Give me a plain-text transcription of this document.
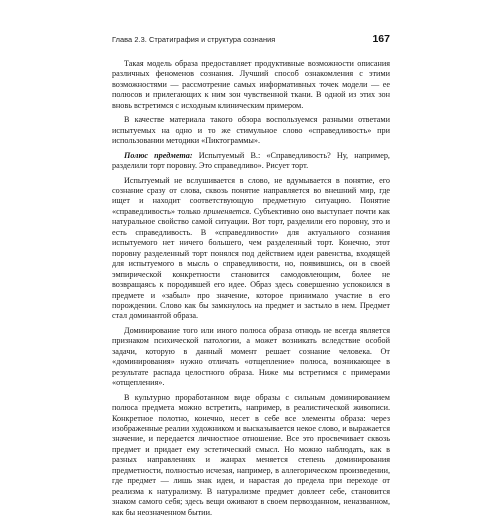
Глава 2.3. Стратиграфия и структура сознания	167

Такая модель образа предоставляет продуктивные возможности описания различных феноменов сознания. Лучший способ ознакомления с этими возможностями — рассмотрение самых информативных точек модели — ее полюсов и прилегающих к ним зон чувственной ткани. В одной из этих зон вновь встретимся с исходным клиническим примером.

В качестве материала такого обзора воспользуемся разными ответами испытуемых на одно и то же стимульное слово «справедливость» при использовании методики «Пиктограммы».

Полюс предмета: Испытуемый В.: «Справедливость? Ну, например, разделили торт поровну. Это справедливо». Рисует торт.

Испытуемый не вслушивается в слово, не вдумывается в понятие, его сознание сразу от слова, сквозь понятие направляется во внешний мир, где ищет и находит соответствующую предметную ситуацию. Понятие «справедливость» только применяется. Субъективно оно выступает почти как натуральное свойство самой ситуации. Вот торт, разделили его поровну, это и есть справедливость. В «справедливости» для актуального сознания испытуемого нет ничего большего, чем разделенный торт. Конечно, этот поровну разделенный торт понялся под действием идеи равенства, входящей для испытуемого в мысль о справедливости, но, появившись, он в своей эмпирической конкретности становится самодовлеющим, более не возвращаясь к породившей его идее. Образ здесь совершенно успокоился в предмете и «забыл» про значение, которое принимало участие в его порождении. Слово как бы замкнулось на предмет и застыло в нем. Предмет стал доминантой образа.

Доминирование того или иного полюса образа отнюдь не всегда является признаком психической патологии, а может возникать вследствие особой задачи, которую в данный момент решает сознание человека. От «доминирования» нужно отличать «отщепление» полюса, возникающее в результате распада целостного образа. Ниже мы встретимся с примерами «отщепления».

В культурно проработанном виде образы с сильным доминированием полюса предмета можно встретить, например, в реалистической живописи. Конкретное полотно, конечно, несет в себе все элементы образа: через изображенные реалии художником и высказывается некое слово, и выражается значение, и передается личностное отношение. Все это просвечивает сквозь предмет и придает ему эстетический смысл. Но можно наблюдать, как в разных направлениях и жанрах меняется степень доминирования предметности, полностью исчезая, например, в аллегорическом произведении, где предмет — лишь знак идеи, и нарастая до предела при переходе от реализма к натурализму. В натурализме предмет довлеет себе, становится знаком самого себя; здесь вещи оживают в своем первозданном, неназванном, как бы неозначенном бытии.
